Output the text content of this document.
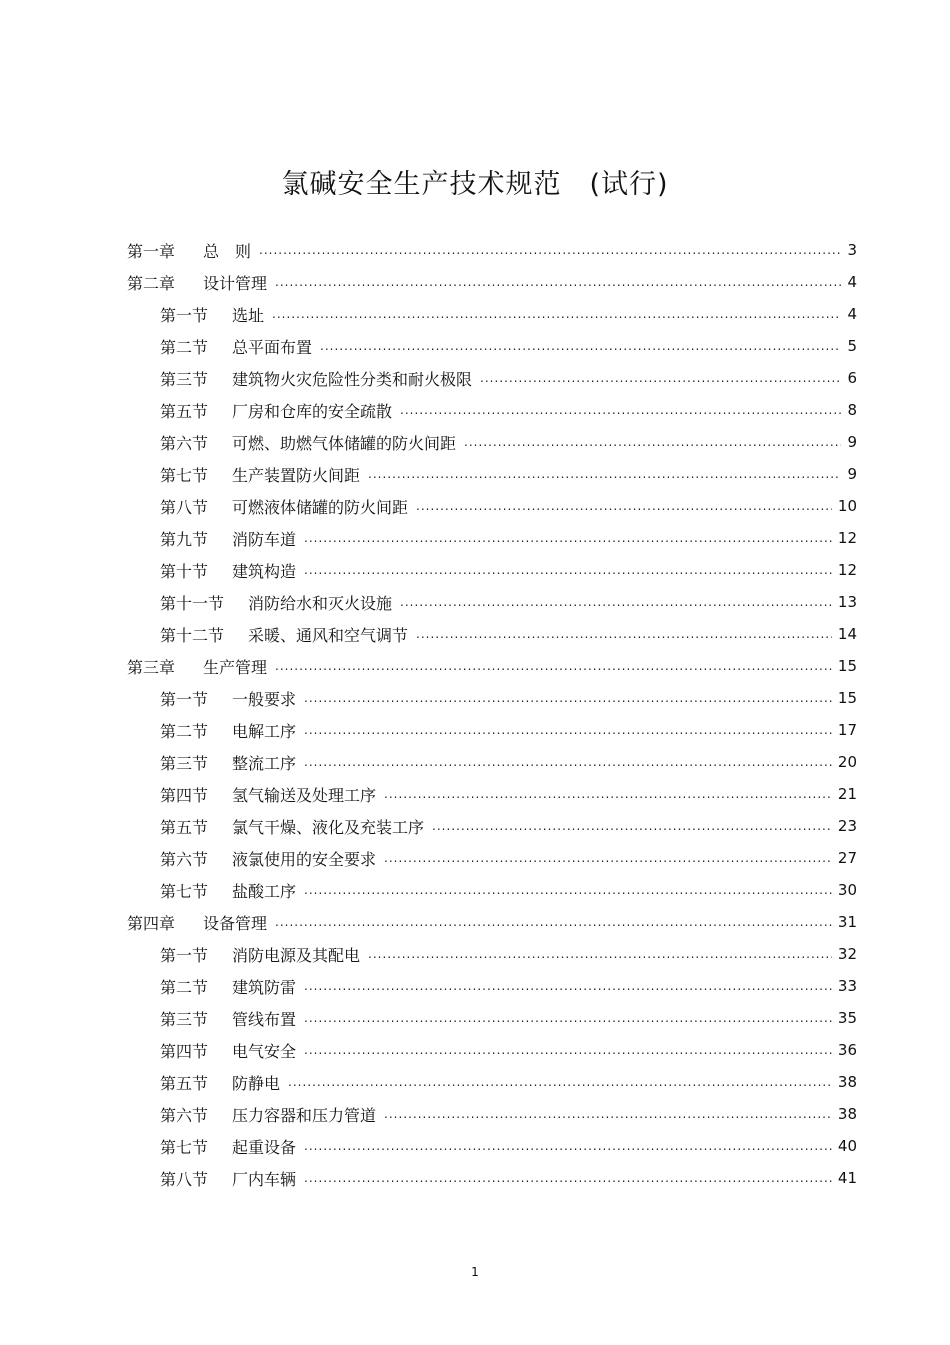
氯碱安全生产技术规范　(试行)
第一章	总　则 .....	3
第二章	设计管理 .....	4
第一节 选址 .....	4
第二节 总平面布置 .....	5
第三节 建筑物火灾危险性分类和耐火极限 .....	6
第五节 厂房和仓库的安全疏散 .....	8
第六节 可燃、助燃气体储罐的防火间距 .....	9
第七节 生产装置防火间距 .....	9
第八节 可燃液体储罐的防火间距 .....	10
第九节 消防车道 .....	12
第十节 建筑构造 .....	12
第十一节 消防给水和灭火设施 .....	13
第十二节 采暖、通风和空气调节 .....	14
第三章	生产管理 .....	15
第一节 一般要求 .....	15
第二节 电解工序 .....	17
第三节 整流工序 .....	20
第四节 氢气输送及处理工序 .....	21
第五节 氯气干燥、液化及充装工序 .....	23
第六节 液氯使用的安全要求 .....	27
第七节 盐酸工序 .....	30
第四章	设备管理 .....	31
第一节 消防电源及其配电 .....	32
第二节 建筑防雷 .....	33
第三节 管线布置 .....	35
第四节 电气安全 .....	36
第五节 防静电 .....	38
第六节 压力容器和压力管道 .....	38
第七节 起重设备 .....	40
第八节 厂内车辆 .....	41
1
